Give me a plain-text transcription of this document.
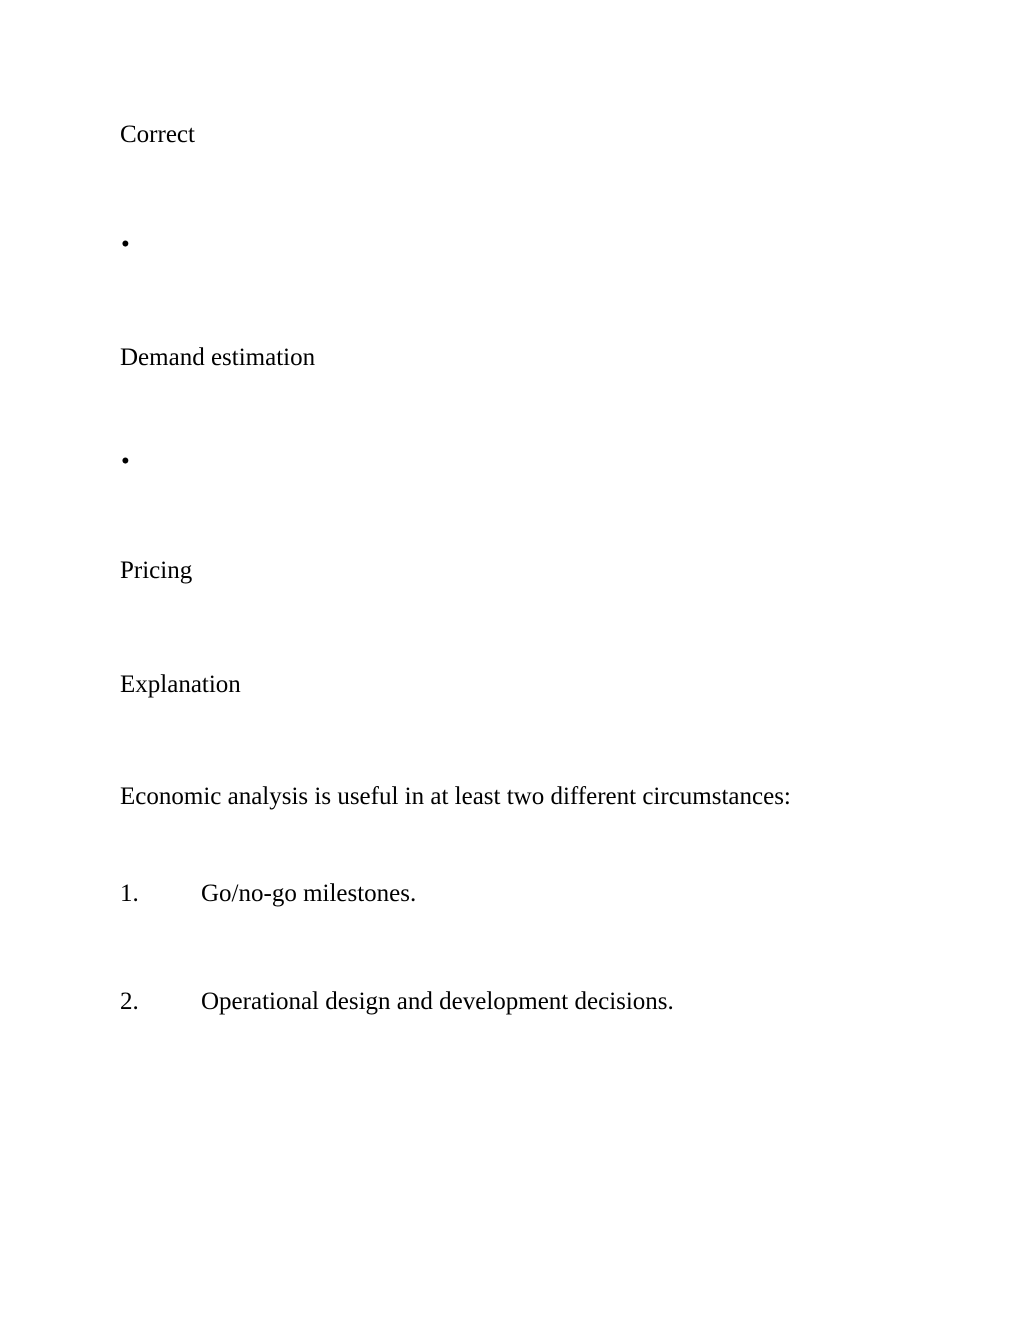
Correct
•
Demand estimation
•
Pricing
Explanation
Economic analysis is useful in at least two different circumstances:
1. Go/no-go milestones.
2. Operational design and development decisions.
